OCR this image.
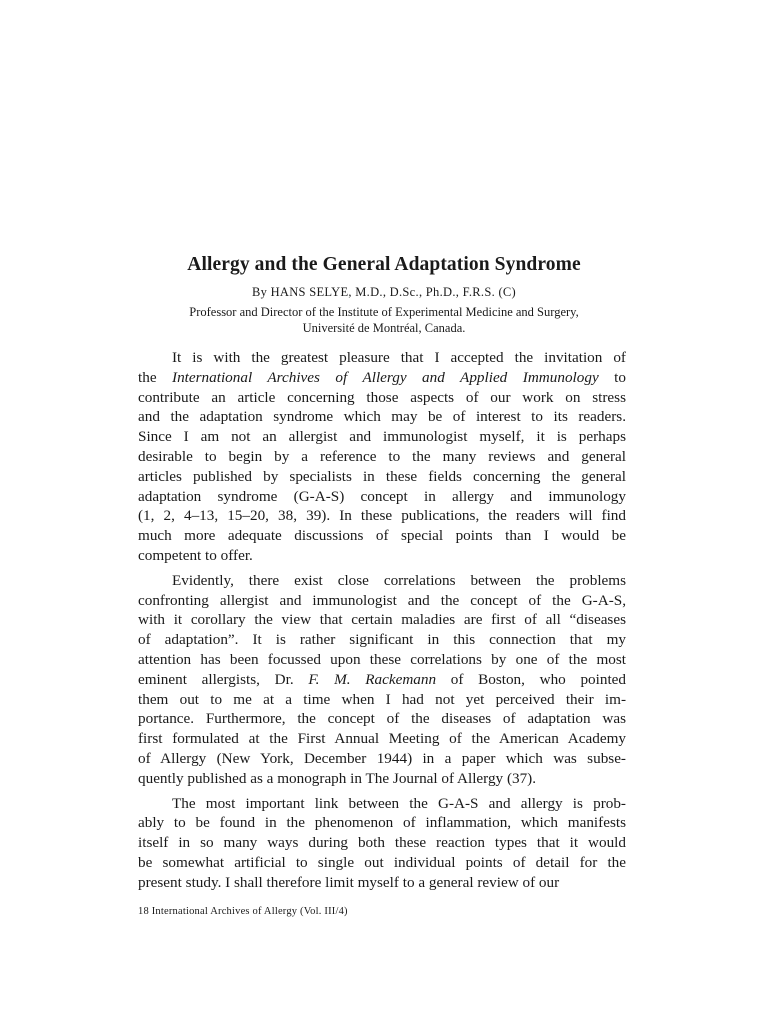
Allergy and the General Adaptation Syndrome

By HANS SELYE, M.D., D.Sc., Ph.D., F.R.S. (C)

Professor and Director of the Institute of Experimental Medicine and Surgery,
Université de Montréal, Canada.

It is with the greatest pleasure that I accepted the invitation of
the International Archives of Allergy and Applied Immunology to
contribute an article concerning those aspects of our work on stress
and the adaptation syndrome which may be of interest to its readers.
Since I am not an allergist and immunologist myself, it is perhaps
desirable to begin by a reference to the many reviews and general
articles published by specialists in these fields concerning the general
adaptation syndrome (G-A-S) concept in allergy and immunology
(1, 2, 4–13, 15–20, 38, 39). In these publications, the readers will find
much more adequate discussions of special points than I would be
competent to offer.

Evidently, there exist close correlations between the problems
confronting allergist and immunologist and the concept of the G-A-S,
with it corollary the view that certain maladies are first of all “diseases
of adaptation”. It is rather significant in this connection that my
attention has been focussed upon these correlations by one of the most
eminent allergists, Dr. F. M. Rackemann of Boston, who pointed
them out to me at a time when I had not yet perceived their im-
portance. Furthermore, the concept of the diseases of adaptation was
first formulated at the First Annual Meeting of the American Academy
of Allergy (New York, December 1944) in a paper which was subse-
quently published as a monograph in The Journal of Allergy (37).

The most important link between the G-A-S and allergy is prob-
ably to be found in the phenomenon of inflammation, which manifests
itself in so many ways during both these reaction types that it would
be somewhat artificial to single out individual points of detail for the
present study. I shall therefore limit myself to a general review of our

18 International Archives of Allergy (Vol. III/4)
